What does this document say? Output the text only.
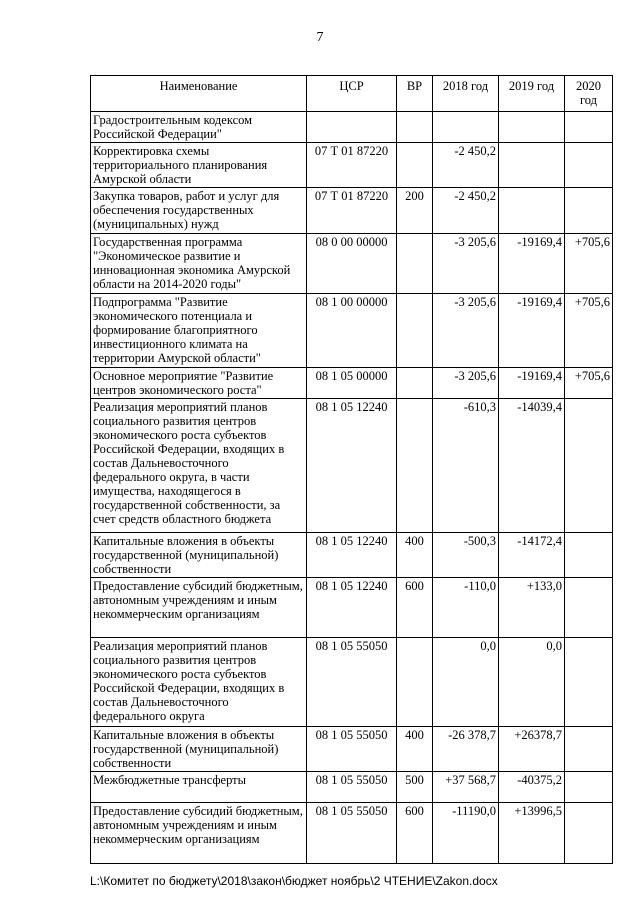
7
Наименование	ЦСР	ВР	2018 год	2019 год	2020 год
Градостроительным кодексом Российской Федерации"					
Корректировка схемы территориального планирования Амурской области	07 Т 01 87220		-2 450,2		
Закупка товаров, работ и услуг для обеспечения государственных (муниципальных) нужд	07 Т 01 87220	200	-2 450,2		
Государственная программа "Экономическое развитие и инновационная экономика Амурской области на 2014-2020 годы"	08 0 00 00000		-3 205,6	-19169,4	+705,6
Подпрограмма "Развитие экономического потенциала и формирование благоприятного инвестиционного климата на территории Амурской области"	08 1 00 00000		-3 205,6	-19169,4	+705,6
Основное мероприятие "Развитие центров экономического роста"	08 1 05 00000		-3 205,6	-19169,4	+705,6
Реализация мероприятий планов социального развития центров экономического роста субъектов Российской Федерации, входящих в состав Дальневосточного федерального округа, в части имущества, находящегося в государственной собственности, за счет средств областного бюджета	08 1 05 12240		-610,3	-14039,4	
Капитальные вложения в объекты государственной (муниципальной) собственности	08 1 05 12240	400	-500,3	-14172,4	
Предоставление субсидий бюджетным, автономным учреждениям и иным некоммерческим организациям	08 1 05 12240	600	-110,0	+133,0	
Реализация мероприятий планов социального развития центров экономического роста субъектов Российской Федерации, входящих в состав Дальневосточного федерального округа	08 1 05 55050		0,0	0,0	
Капитальные вложения в объекты государственной (муниципальной) собственности	08 1 05 55050	400	-26 378,7	+26378,7	
Межбюджетные трансферты	08 1 05 55050	500	+37 568,7	-40375,2	
Предоставление субсидий бюджетным, автономным учреждениям и иным некоммерческим организациям	08 1 05 55050	600	-11190,0	+13996,5	
L:\Комитет по бюджету\2018\закон\бюджет ноябрь\2 ЧТЕНИЕ\Zakon.docx
